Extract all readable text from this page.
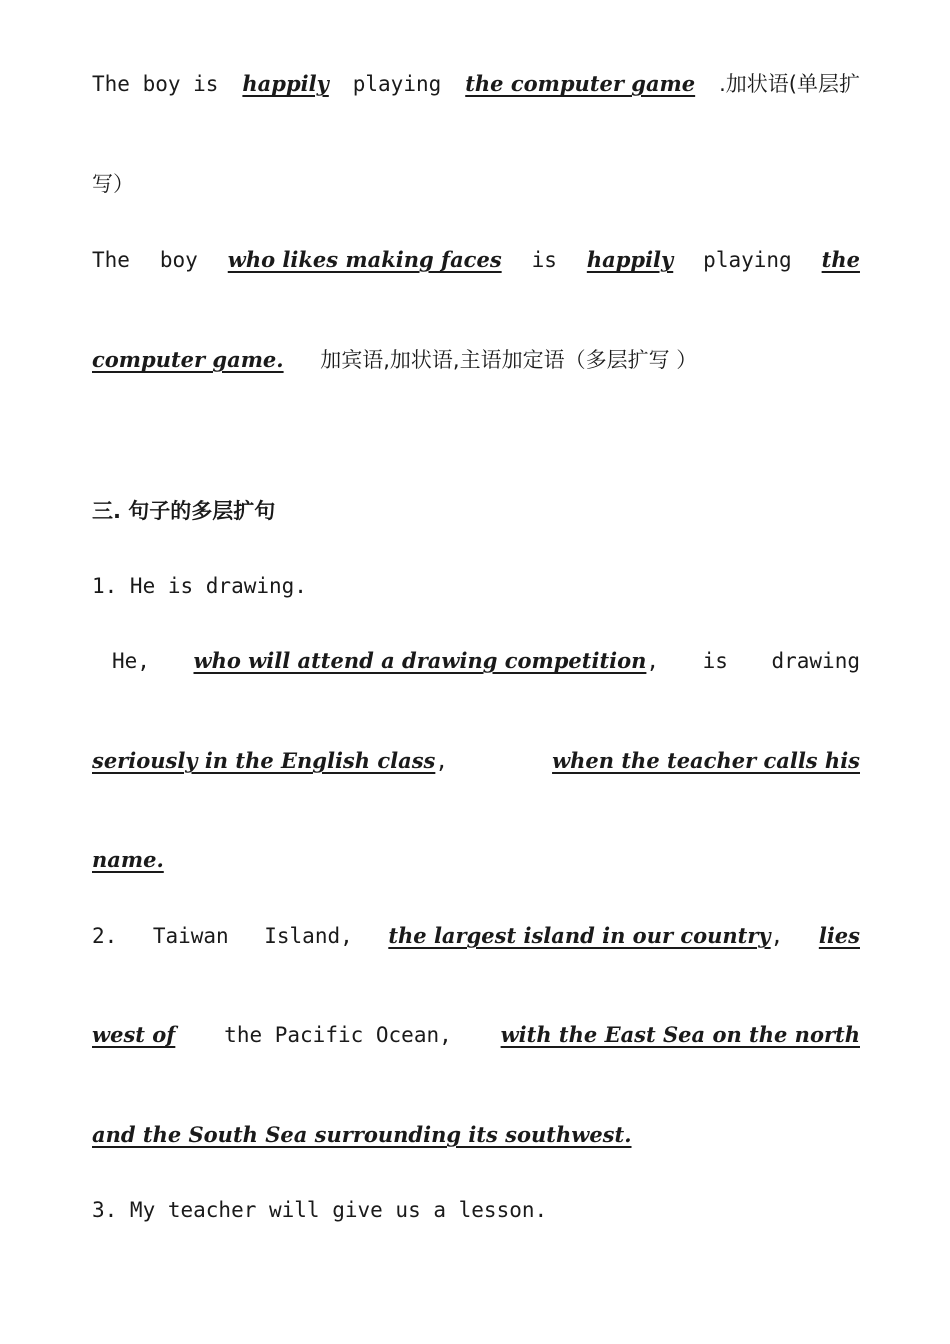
The boy is happily playing the computer game .加状语(单层扩
写）
The boy who likes making faces is happily playing the
computer game. 加宾语,加状语,主语加定语（多层扩写 ）
三. 句子的多层扩句
1. He is drawing.
He, who will attend a drawing competition, is drawing
seriously in the English class,	when the teacher calls his
name.
2. Taiwan Island, the largest island in our country, lies
west of the Pacific Ocean, with the East Sea on the north
and the South Sea surrounding its southwest.
3. My teacher will give us a lesson.
